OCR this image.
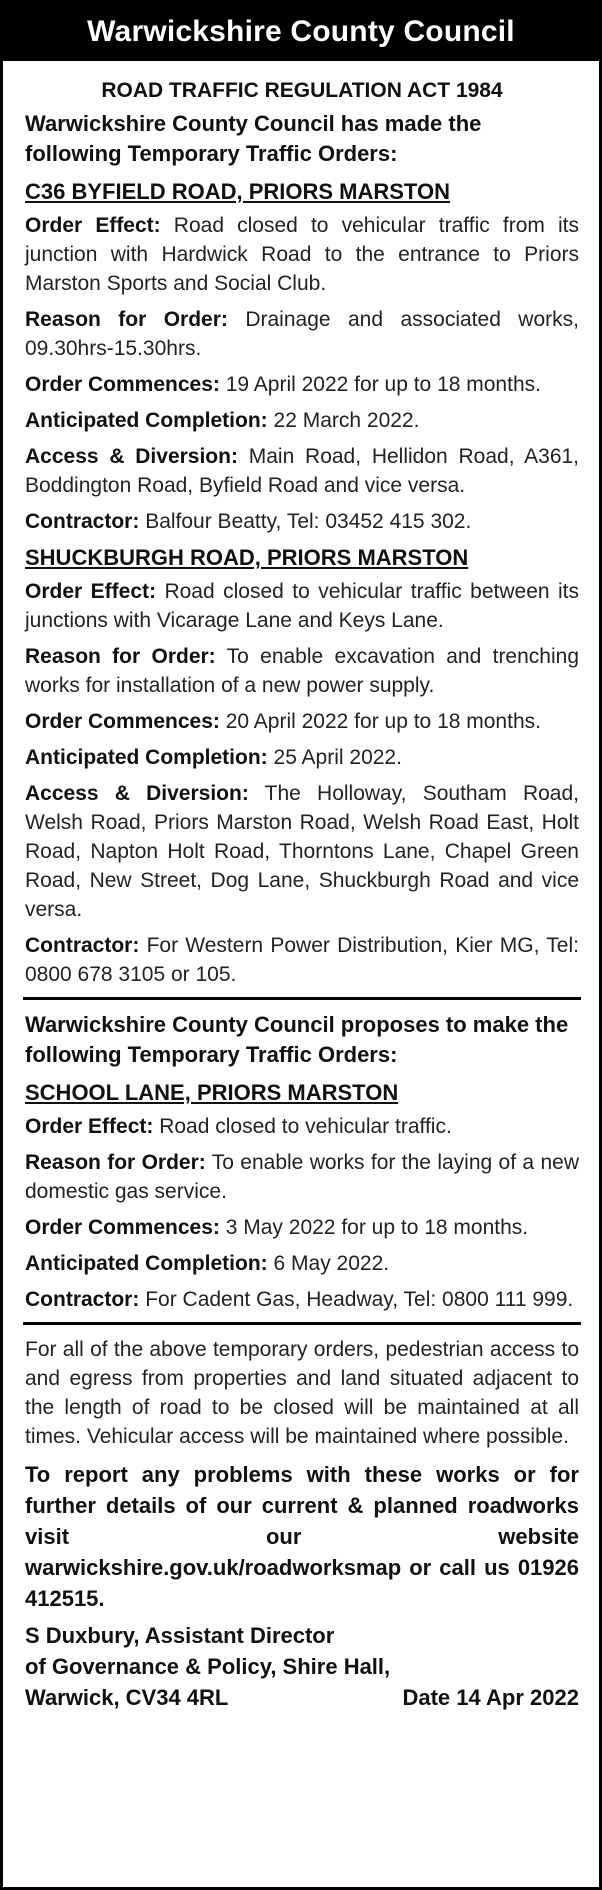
Warwickshire County Council
ROAD TRAFFIC REGULATION ACT 1984
Warwickshire County Council has made the following Temporary Traffic Orders:
C36 BYFIELD ROAD, PRIORS MARSTON
Order Effect: Road closed to vehicular traffic from its junction with Hardwick Road to the entrance to Priors Marston Sports and Social Club.
Reason for Order: Drainage and associated works, 09.30hrs-15.30hrs.
Order Commences: 19 April 2022 for up to 18 months.
Anticipated Completion: 22 March 2022.
Access & Diversion: Main Road, Hellidon Road, A361, Boddington Road, Byfield Road and vice versa.
Contractor: Balfour Beatty, Tel: 03452 415 302.
SHUCKBURGH ROAD, PRIORS MARSTON
Order Effect: Road closed to vehicular traffic between its junctions with Vicarage Lane and Keys Lane.
Reason for Order: To enable excavation and trenching works for installation of a new power supply.
Order Commences: 20 April 2022 for up to 18 months.
Anticipated Completion: 25 April 2022.
Access & Diversion: The Holloway, Southam Road, Welsh Road, Priors Marston Road, Welsh Road East, Holt Road, Napton Holt Road, Thorntons Lane, Chapel Green Road, New Street, Dog Lane, Shuckburgh Road and vice versa.
Contractor: For Western Power Distribution, Kier MG, Tel: 0800 678 3105 or 105.
Warwickshire County Council proposes to make the following Temporary Traffic Orders:
SCHOOL LANE, PRIORS MARSTON
Order Effect: Road closed to vehicular traffic.
Reason for Order: To enable works for the laying of a new domestic gas service.
Order Commences: 3 May 2022 for up to 18 months.
Anticipated Completion: 6 May 2022.
Contractor: For Cadent Gas, Headway, Tel: 0800 111 999.
For all of the above temporary orders, pedestrian access to and egress from properties and land situated adjacent to the length of road to be closed will be maintained at all times. Vehicular access will be maintained where possible.
To report any problems with these works or for further details of our current & planned roadworks visit our website warwickshire.gov.uk/roadworksmap or call us 01926 412515.
S Duxbury, Assistant Director
of Governance & Policy, Shire Hall,
Warwick, CV34 4RL	Date 14 Apr 2022
